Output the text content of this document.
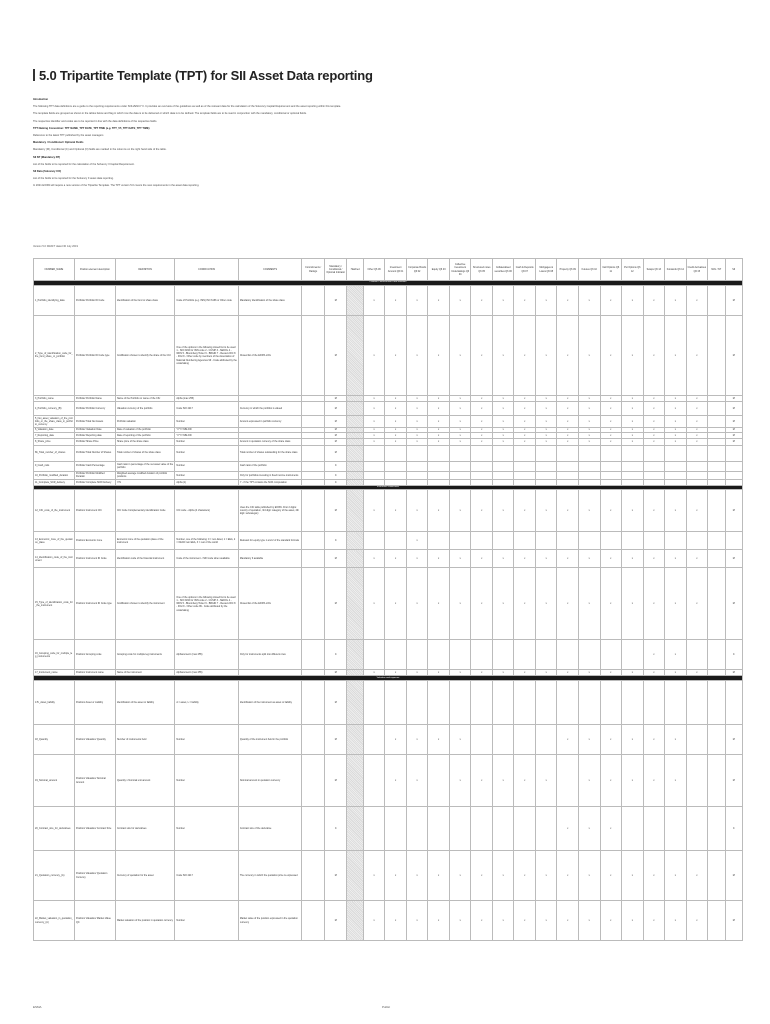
5.0 Tripartite Template (TPT) for SII Asset Data reporting

Introduction

The following TPT data definitions are a guide to the reporting requirements under SOLVENCY II. It provides an overview of the guidelines as well as of the relevant data for the calculation of the Solvency Capital Requirement and the asset reporting within this template.

The template fields are grouped as shown in the tables below and flag in which row the data is to be delivered or which data is to be defined. The template fields are to be read in conjunction with the mandatory, conditional or optional fields.

The respective identifier and codes are to be reported in line with the data definitions of the respective fields.

TPT Naming Convention: TPT NAME_TPT DATE_TPT TIME (e.g. TPT_V5_TPT DATE_TPT TIME)

Reference to the latest TPT published by the asset managers

Mandatory / Conditional / Optional Fields

Mandatory (M), Conditional (C) and Optional (O) fields are marked in the columns on the right hand side of the table.

SII NT (Mandatory NT)

List of the fields to be reported for the calculation of the Solvency II Capital Requirement.

SII Data (Solvency II D)

List of the fields to be reported for the Solvency II asset data reporting.

In 2021 EIOPA will require a new version of the Tripartite Template. The TPT version 5.0 covers the new requirements in the asset data reporting.

Version 5.0 DRAFT dated 30 July 2019
NUMBER_NAME	Position element description	DEFINITION	CODIFICATION	COMMENTS	Commitments / Ratings	Mandatory / Conditional / Optional Indicator	Hatched	Other Q6 06	Investment Amount Q6 01	Corporate Bonds Q6 02	Equity Q6 03	Collective Investment Undertakings Q6 04	Structured notes Q6 05	Collateralised securities Q6 06	Cash & Deposits Q6 07	Mortgages & Loans Q6 08	Property Q6 09	Futures Q6 10	Call Options Q6 11	Put Options Q6 12	Swaps Q6 13	Forwards Q6 14	Credit derivatives Q6 15	NAV / NT	SII
Portfolio Characteristics and valuation																									
1_Portfolio_identifying_data	Portfolio/ Portfolio ID Code	Identification of the fund or share class	Code of Portfolio (e.g. ISIN) ISO 6166 or Other code	Mandatory Identification of the share class		M		x	x	x	x	x	x	x	x	x	x	x	x	x	x	x	x		M
2_Type_of_identification_code_for_the_fund_share_or_portfolio	Portfolio/ Portfolio ID Code type	Codification chosen to identify the share of the CIU	One of the options in the following closed list to be used: 1 - ISO 6166 for ISIN code 2 - CUSIP 3 - SEDOL 4 - WKN 5 - Bloomberg Ticker 6 - BBGID 7 - Reuters RIC 8 - FIGI 9 - Other code by members of the Association of National Numbering Agencies 99 - Code attributed by the undertaking	Closed list of the EIOPA LOG		M		x	x	x	x	x	x	x	x	x	x	x	x	x	x	x	x		M
3_Portfolio_name	Portfolio/ Portfolio Name	Name of the Portfolio or name of the CIU	Alpha (max 255)			M		x	x	x	x	x	x	x	x	x	x	x	x	x	x	x	x		M
4_Portfolio_currency_(B)	Portfolio/ Portfolio Currency	Valuation currency of the portfolio	Code ISO 4217	Currency in which the portfolio is valued		M		x	x	x	x	x	x	x	x	x	x	x	x	x	x	x	x		M
5_Net_asset_valuation_of_the_portfolio_or_the_share_class_in_portfolio_currency	Portfolio/ Total Net Assets	Portfolio valuation	Number	Amount expressed in portfolio currency		M		x	x	x	x	x	x	x	x	x	x	x	x	x	x	x	x		M
6_Valuation_date	Portfolio/ Valuation Date	Date of valuation of the portfolio	YYYY-MM-DD			M		x	x	x	x	x	x	x	x	x	x	x	x	x	x	x	x		M
7_Reporting_date	Portfolio/ Reporting date	Date of reporting of the portfolio	YYYY-MM-DD			M		x	x	x	x	x	x	x	x	x	x	x	x	x	x	x	x		M
8_Share_price	Portfolio/ Share Price	Share price of the share class	Number	Amount in quotation currency of the share class		M		x	x	x	x	x	x	x	x	x	x	x	x	x	x	x	x		M
8b_Total_number_of_shares	Portfolio/ Total Number of Shares	Total number of shares of the share class	Number	Total number of shares outstanding for the share class		M																			
9_Cash_ratio	Portfolio/ Cash Percentage	Cash ratio in percentage of the net asset value of the portfolio	Number	Cash ratio of the portfolio		C																			
10_Portfolio_modified_duration	Portfolio/ Portfolio Modified Duration	Weighted average modified duration of portfolio positions	Number	Only for portfolios investing in fixed income instruments		C																			
11_Complete_SCR_delivery	Portfolio/ Complete SCR Delivery	Y/N	Alpha (1)	Y - if the TPT contains the SCR computation		C																			
Instrument codification																									
12_CIC_code_of_the_instrument	Position/ Instrument CIC	CIC Code Complementary Identification Code	CIC code - Alpha (4 characters)	Uses the CIC table published by EIOPA. First 2 digits: country of quotation, 3rd digit: category of the asset, 4th digit: subcategory		M		x	x	x	x	x	x	x	x	x	x	x	x	x	x	x	x		M
13_Economic_zone_of_the_quotation_place	Position/ Economic zone	Economic zone of the quotation place of the instrument	Number, one of the following: 0 = non-listed, 1 = EEA, 2 = OECD non EEA, 3 = rest of the world	Relevant for equity type 1 and 2 of the standard formula		C				x															
14_Identification_code_of_the_instrument	Position/ Instrument ID Code	Identification code of the financial instrument	Code of the instrument - ISIN code when available	Mandatory if available		M		x	x	x	x	x	x	x	x	x	x	x	x	x	x	x	x		M
15_Type_of_identification_code_for_the_instrument	Position/ Instrument ID Code type	Codification chosen to identify the instrument	One of the options in the following closed list to be used: 1 - ISO 6166 for ISIN code 2 - CUSIP 3 - SEDOL 4 - WKN 5 - Bloomberg Ticker 6 - BBGID 7 - Reuters RIC 8 - FIGI 9 - Other code 99 - Code attributed by the undertaking	Closed list of the EIOPA LOG		M		x	x	x	x	x	x	x	x	x	x	x	x	x	x	x	x		M
16_Grouping_code_for_multiple_leg_instruments	Position/ Grouping code	Grouping code for multiple leg instruments	Alphanumeric (max 255)	Only for instruments split into different rows		C															x	x			C
17_Instrument_name	Position/ Instrument name	Name of the instrument	Alphanumeric (max 255)			M		x	x	x	x	x	x	x	x	x	x	x	x	x	x	x	x		M
Valuation and exposure																									
17b_Asset_liability	Position/ Asset or Liability	Identification of the asset or liability	A = asset, L = liability	Identification of the instrument as asset or liability		M																			
18_Quantity	Position/ Valuation/ Quantity	Number of instruments held	Number	Quantity of the instrument held in the portfolio		M			x	x	x	x					x	x	x	x	x	x			M
19_Nominal_amount	Position/ Valuation/ Nominal Amount	Quantity x Nominal unit amount	Number	Nominal amount in quotation currency		M			x	x		x	x	x	x	x		x	x	x	x	x			M
20_Contract_size_for_derivatives	Position/ Valuation/ Contract Size	Contract size for derivatives	Number	Contract size of the derivative		C											x	x	x						C
21_Quotation_currency_(A)	Position/ Valuation/ Quotation Currency	Currency of quotation for the asset	Code ISO 4217	The currency in which the quotation price is expressed		M		x	x	x	x	x	x	x	x	x	x	x	x	x	x	x	x		M
22_Market_valuation_in_quotation_currency_(A)	Position/ Valuation/ Market Value QC	Market valuation of the position in quotation currency	Number	Market value of the position expressed in the quotation currency		M		x	x	x	x	x	x	x	x	x	x	x	x	x	x	x	x		M
ESMA	Public
